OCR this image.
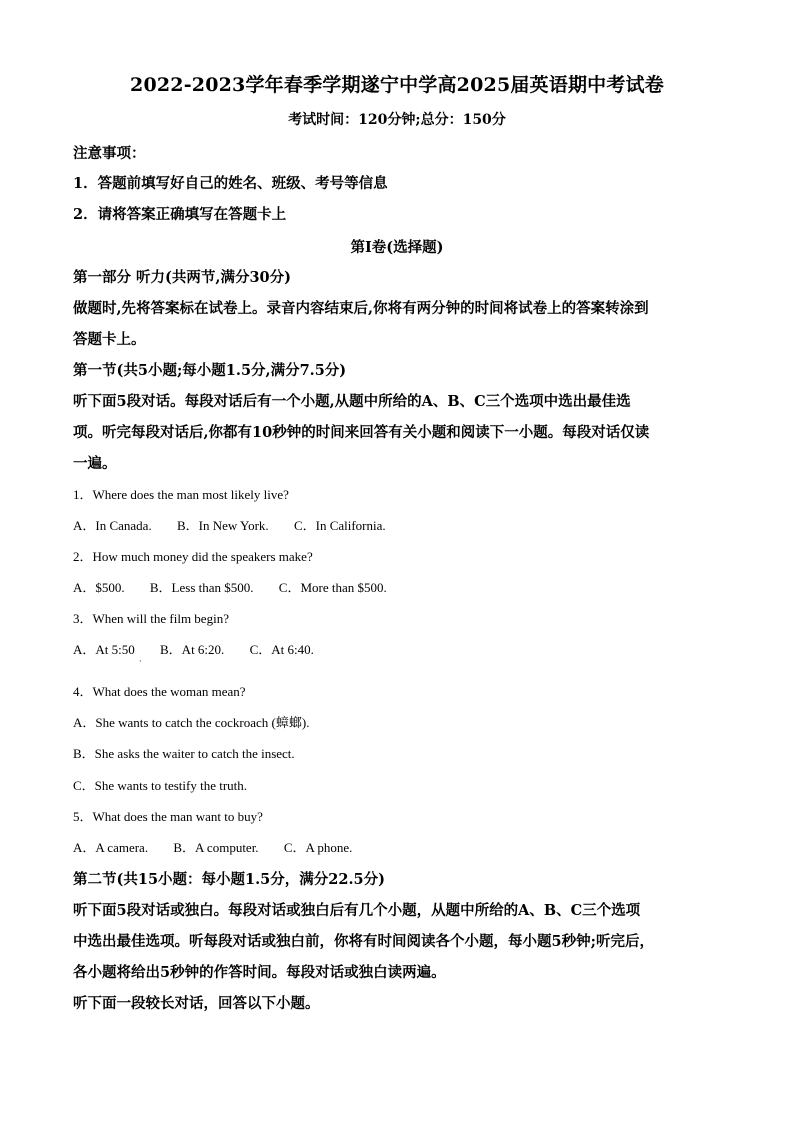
2022-2023学年春季学期遂宁中学高2025届英语期中考试卷
考试时间：120分钟;总分：150分
注意事项：
1．答题前填写好自己的姓名、班级、考号等信息
2．请将答案正确填写在答题卡上
第I卷(选择题)
第一部分 听力(共两节,满分30分)
做题时,先将答案标在试卷上。录音内容结束后,你将有两分钟的时间将试卷上的答案转涂到
答题卡上。
第一节(共5小题;每小题1.5分,满分7.5分)
听下面5段对话。每段对话后有一个小题,从题中所给的A、B、C三个选项中选出最佳选
项。听完每段对话后,你都有10秒钟的时间来回答有关小题和阅读下一小题。每段对话仅读
一遍。
1．Where does the man most likely live?
A．In Canada. B．In New York. C．In California.
2．How much money did the speakers make?
A．$500. B．Less than $500. C．More than $500.
3．When will the film begin?
A．At 5:50 B．At 6:20. C．At 6:40.
·
4．What does the woman mean?
A．She wants to catch the cockroach (蟑螂).
B．She asks the waiter to catch the insect.
C．She wants to testify the truth.
5．What does the man want to buy?
A．A camera. B．A computer. C．A phone.
第二节(共15小题：每小题1.5分，满分22.5分)
听下面5段对话或独白。每段对话或独白后有几个小题，从题中所给的A、B、C三个选项
中选出最佳选项。听每段对话或独白前，你将有时间阅读各个小题，每小题5秒钟;听完后，
各小题将给出5秒钟的作答时间。每段对话或独白读两遍。
听下面一段较长对话，回答以下小题。
